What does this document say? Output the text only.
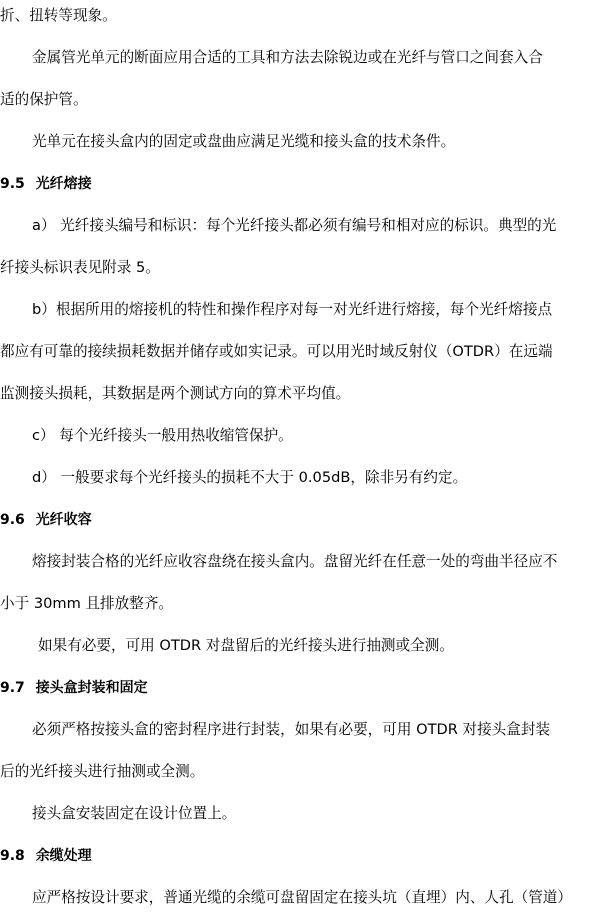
折、扭转等现象。
金属管光单元的断面应用合适的工具和方法去除锐边或在光纤与管口之间套入合
适的保护管。
光单元在接头盒内的固定或盘曲应满足光缆和接头盒的技术条件。
9.5 光纤熔接
a） 光纤接头编号和标识：每个光纤接头都必须有编号和相对应的标识。典型的光
纤接头标识表见附录 5。
b）根据所用的熔接机的特性和操作程序对每一对光纤进行熔接，每个光纤熔接点
都应有可靠的接续损耗数据并储存或如实记录。可以用光时域反射仪（OTDR）在远端
监测接头损耗，其数据是两个测试方向的算术平均值。
c） 每个光纤接头一般用热收缩管保护。
d） 一般要求每个光纤接头的损耗不大于 0.05dB，除非另有约定。
9.6 光纤收容
熔接封装合格的光纤应收容盘绕在接头盒内。盘留光纤在任意一处的弯曲半径应不
小于 30mm 且排放整齐。
如果有必要，可用 OTDR 对盘留后的光纤接头进行抽测或全测。
9.7 接头盒封装和固定
必须严格按接头盒的密封程序进行封装，如果有必要，可用 OTDR 对接头盒封装
后的光纤接头进行抽测或全测。
接头盒安装固定在设计位置上。
9.8 余缆处理
应严格按设计要求，普通光缆的余缆可盘留固定在接头坑（直埋）内、人孔（管道）
